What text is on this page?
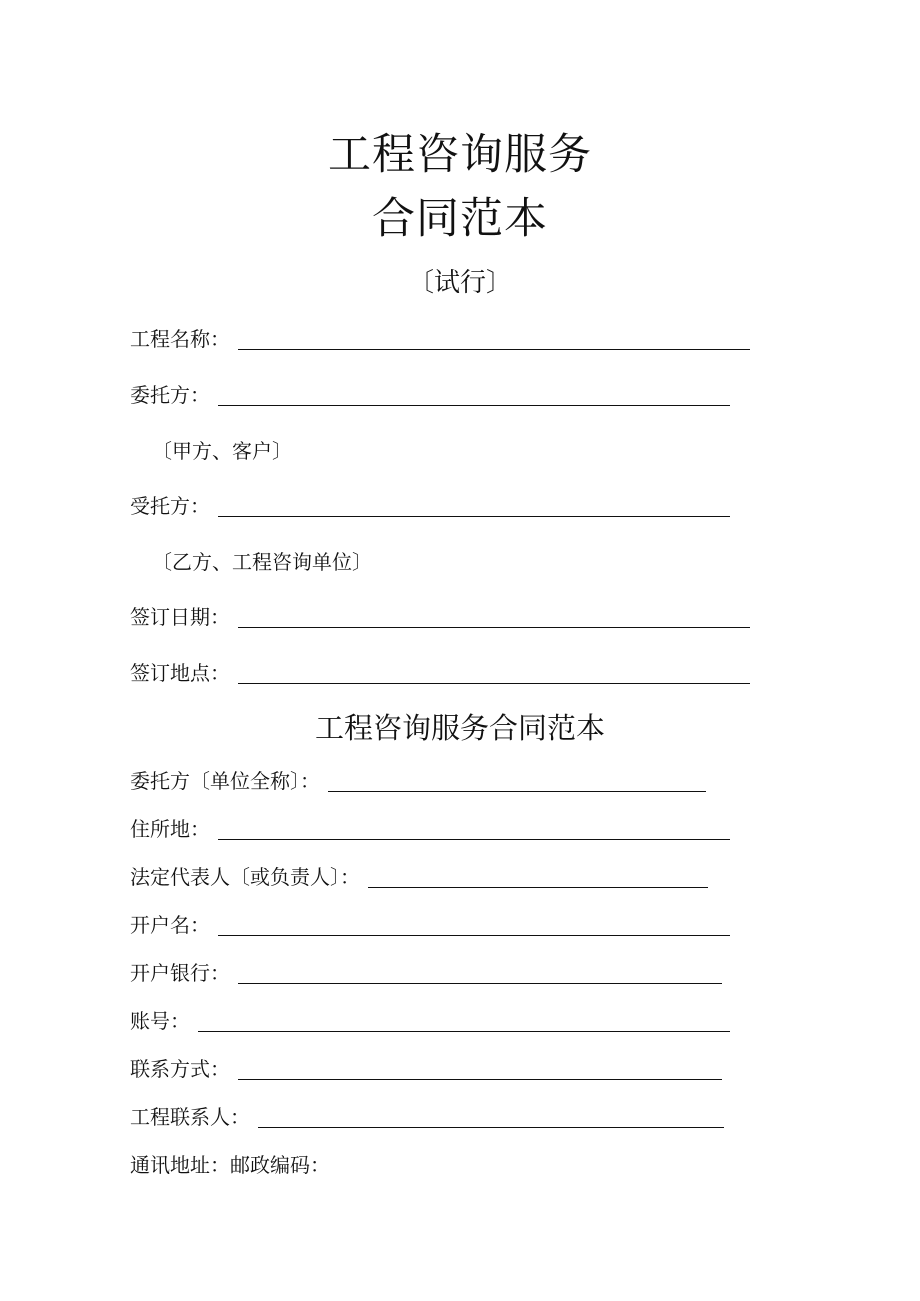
工程咨询服务
合同范本
〔试行〕
工程名称：
委托方：
〔甲方、客户〕
受托方：
〔乙方、工程咨询单位〕
签订日期：
签订地点：
工程咨询服务合同范本
委托方〔单位全称〕：
住所地：
法定代表人〔或负责人〕：
开户名：
开户银行：
账号：
联系方式：
工程联系人：
通讯地址：邮政编码：
